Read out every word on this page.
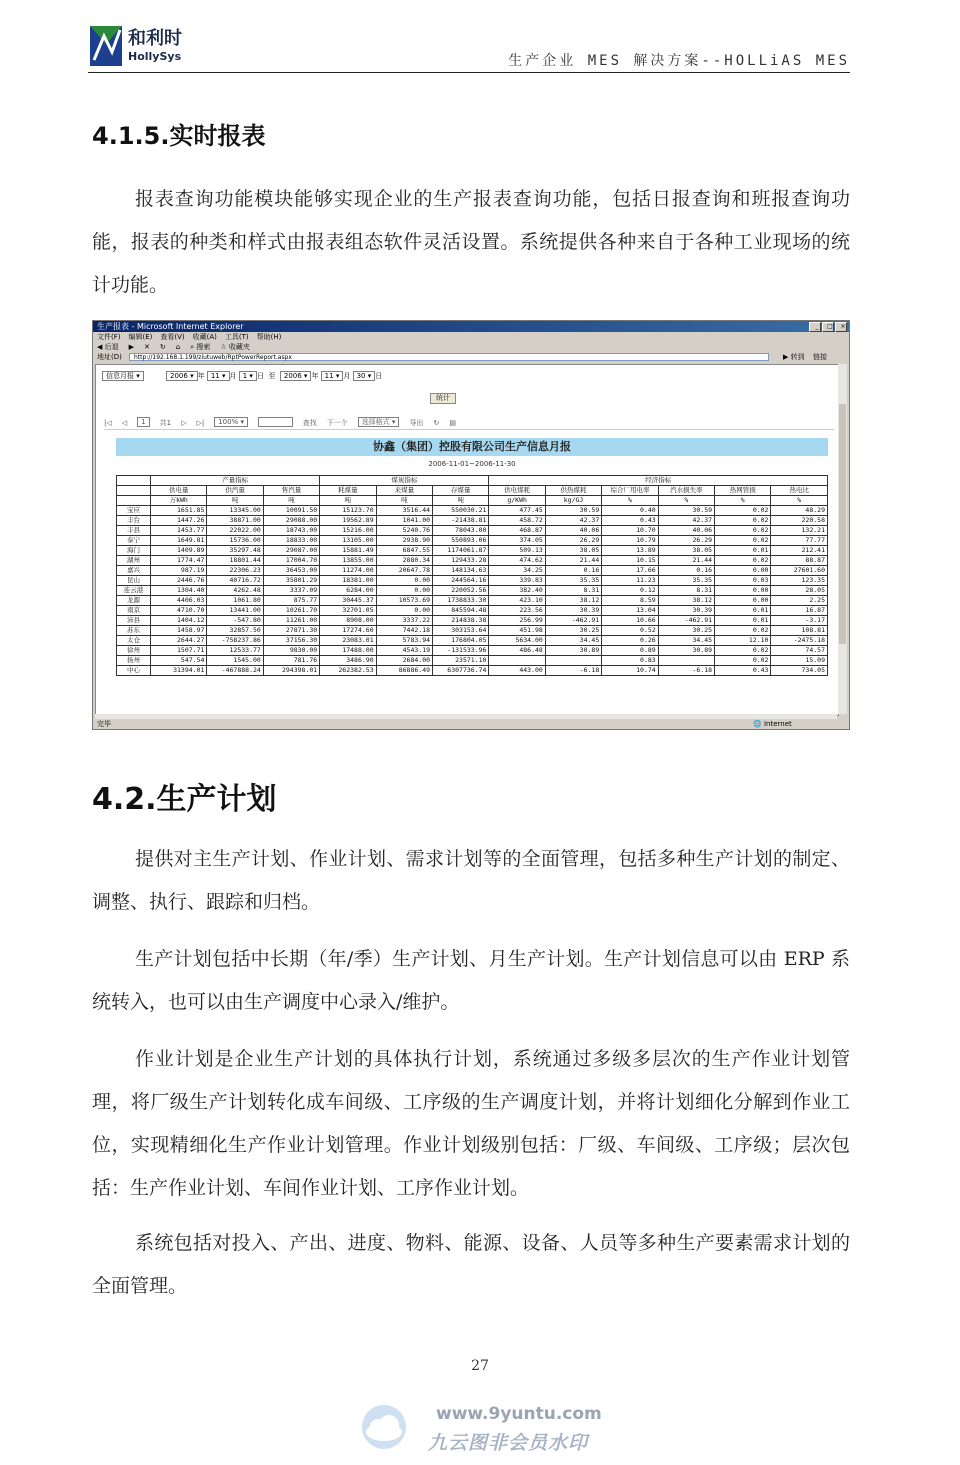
和利时
HollySys	生产企业 MES 解决方案--HOLLiAS MES
4.1.5.实时报表

报表查询功能模块能够实现企业的生产报表查询功能，包括日报查询和班报查询功能，报表的种类和样式由报表组态软件灵活设置。系统提供各种来自于各种工业现场的统计功能。

生产报表 - Microsoft Internet Explorer	_	□	×
文件(F) 编辑(E) 查看(V) 收藏(A) 工具(T) 帮助(H)
◀ 后退 ▶ ✕ ↻ ⌂ ⌕ 搜索 ☆ 收藏夹
地址(D)	http://192.168.1.199/ziutuweb/RptPowerReport.aspx	▶ 转到 链接
信息月报 ▾	2006 ▾ 年 11 ▾ 月 1 ▾ 日 至 2006 ▾ 年 11 ▾ 月 30 ▾ 日
统计
|◁ ◁	1	共1 ▷ ▷|	100% ▾
	查找 下一个	选择格式 ▾	导出 ↻ ▤
协鑫（集团）控股有限公司生产信息月报
2006-11-01~2006-11-30
	产量指标			煤炭指标			经济指标					
	供电量	供汽量	售汽量	耗煤量	来煤量	存煤量	供电煤耗	供热煤耗	综合厂用电率	汽水损失率	热网管损	热电比
	万kWh	吨	吨	吨	吨	吨	g/KWh	kg/GJ	%	%	%	%
宝应	1651.85	13345.00	10091.50	15123.70	3516.44	550030.21	477.45	30.59	0.40	30.59	0.02	48.29
丰台	1447.26	38871.00	29088.00	19562.89	1041.00	-21438.81	458.72	42.37	0.43	42.37	0.02	220.58
丰县	1453.77	22022.00	18743.00	15216.00	5240.76	78043.00	468.87	40.06	10.70	40.06	0.02	132.21
泰宁	1649.81	15736.00	18833.00	13105.00	2938.90	550893.06	374.05	26.29	10.79	26.29	0.02	77.77
海门	1409.89	35297.48	29087.00	15881.49	6847.55	1174061.87	509.13	38.05	13.89	38.05	0.01	212.41
湖州	1774.47	18801.44	17004.70	13855.00	2880.34	129433.28	474.62	21.44	10.15	21.44	0.02	88.87
嘉兴	987.19	22306.23	36453.00	11274.00	20647.78	148134.63	34.25	0.16	17.66	0.16	0.00	27601.60
昆山	2446.76	40716.72	35801.29	18381.00	0.00	244564.16	339.83	35.35	11.23	35.35	0.03	123.35
连云港	1304.40	4262.48	3337.09	6284.00	0.00	220052.56	382.40	8.31	0.12	8.31	0.00	28.05
龙源	4406.03	1061.80	875.77	30445.37	10573.69	1738833.30	423.10	38.12	8.59	38.12	0.00	2.25
南京	4710.70	13441.00	10261.70	32701.05	0.00	845594.48	223.56	30.39	13.04	30.39	0.01	16.87
沛县	1404.12	-547.80	11261.00	8908.00	3337.22	214838.38	256.99	-462.91	10.66	-462.91	0.01	-3.17
苏东	1458.97	32857.50	27871.30	17274.60	7442.18	303153.64	451.98	30.25	0.52	30.25	0.02	108.81
太仓	2644.27	-758237.86	37156.30	23083.01	5783.94	176804.05	5634.00	34.45	0.26	34.45	12.10	-2475.18
徐州	1507.71	12533.77	9830.00	17488.00	4543.19	-131533.96	486.48	30.89	0.89	30.89	0.02	74.57
扬州	547.54	1545.00	781.76	3486.90	2684.00	23571.10			0.83		0.02	15.09
中心	31394.01	-467888.24	294398.01	262382.53	86886.49	6307736.74	443.00	-6.18	10.74	-6.18	0.43	734.05
完毕	🌐 Internet
4.2.生产计划

提供对主生产计划、作业计划、需求计划等的全面管理，包括多种生产计划的制定、调整、执行、跟踪和归档。

生产计划包括中长期（年/季）生产计划、月生产计划。生产计划信息可以由 ERP 系统转入，也可以由生产调度中心录入/维护。

作业计划是企业生产计划的具体执行计划，系统通过多级多层次的生产作业计划管理，将厂级生产计划转化成车间级、工序级的生产调度计划，并将计划细化分解到作业工位，实现精细化生产作业计划管理。作业计划级别包括：厂级、车间级、工序级；层次包括：生产作业计划、车间作业计划、工序作业计划。

系统包括对投入、产出、进度、物料、能源、设备、人员等多种生产要素需求计划的全面管理。

27
www.9yuntu.com
九云图非会员水印
